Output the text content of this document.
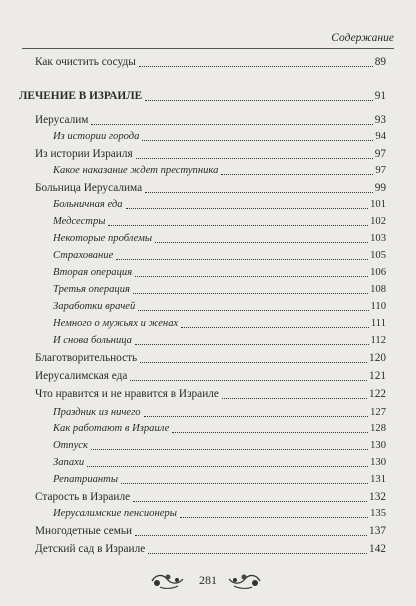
Содержание
Как очистить сосуды	89
ЛЕЧЕНИЕ В ИЗРАИЛЕ	91
Иерусалим	93
Из истории города	94
Из истории Израиля	97
Какое наказание ждет преступника	97
Больница Иерусалима	99
Больничная еда	101
Медсестры	102
Некоторые проблемы	103
Страхование	105
Вторая операция	106
Третья операция	108
Заработки врачей	110
Немного о мужьях и женах	111
И снова больница	112
Благотворительность	120
Иерусалимская еда	121
Что нравится и не нравится в Израиле	122
Праздник из ничего	127
Как работают в Израиле	128
Отпуск	130
Запахи	130
Репатрианты	131
Старость в Израиле	132
Иерусалимские пенсионеры	135
Многодетные семьи	137
Детский сад в Израиле	142
281
